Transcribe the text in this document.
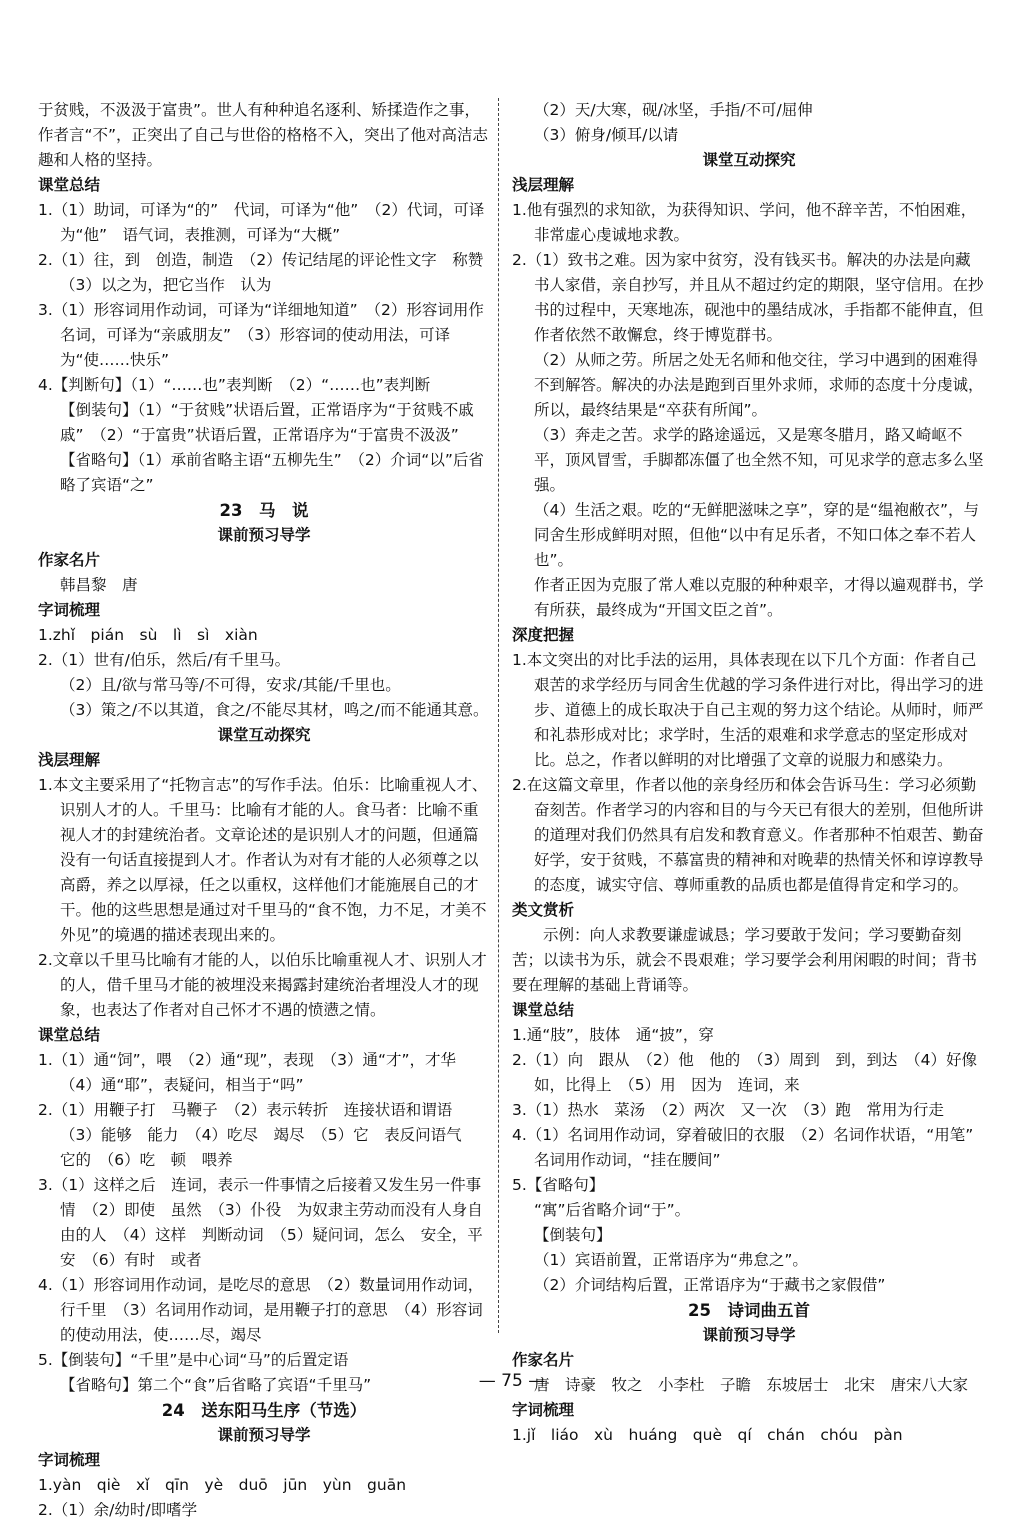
于贫贱，不汲汲于富贵”。世人有种种追名逐利、矫揉造作之事，作者言“不”，正突出了自己与世俗的格格不入，突出了他对高洁志趣和人格的坚持。
课堂总结
1.（1）助词，可译为“的”　代词，可译为“他”　（2）代词，可译为“他”　语气词，表推测，可译为“大概”
2.（1）往，到　创造，制造　（2）传记结尾的评论性文字　称赞　（3）以之为，把它当作　认为
3.（1）形容词用作动词，可译为“详细地知道”　（2）形容词用作名词，可译为“亲戚朋友”　（3）形容词的使动用法，可译为“使……快乐”
4.【判断句】（1）“……也”表判断　（2）“……也”表判断
【倒装句】（1）“于贫贱”状语后置，正常语序为“于贫贱不戚戚”　（2）“于富贵”状语后置，正常语序为“于富贵不汲汲”
【省略句】（1）承前省略主语“五柳先生”　（2）介词“以”后省略了宾语“之”
23　马　说
课前预习导学
作家名片
韩昌黎　唐
字词梳理
1.zhǐ　pián　sù　lì　sì　xiàn
2.（1）世有/伯乐，然后/有千里马。
（2）且/欲与常马等/不可得，安求/其能/千里也。
（3）策之/不以其道，食之/不能尽其材，鸣之/而不能通其意。
课堂互动探究
浅层理解
1.本文主要采用了“托物言志”的写作手法。伯乐：比喻重视人才、识别人才的人。千里马：比喻有才能的人。食马者：比喻不重视人才的封建统治者。文章论述的是识别人才的问题，但通篇没有一句话直接提到人才。作者认为对有才能的人必须尊之以高爵，养之以厚禄，任之以重权，这样他们才能施展自己的才干。他的这些思想是通过对千里马的“食不饱，力不足，才美不外见”的境遇的描述表现出来的。
2.文章以千里马比喻有才能的人，以伯乐比喻重视人才、识别人才的人，借千里马才能的被埋没来揭露封建统治者埋没人才的现象，也表达了作者对自己怀才不遇的愤懑之情。
课堂总结
1.（1）通“饲”，喂　（2）通“现”，表现　（3）通“才”，才华　（4）通“耶”，表疑问，相当于“吗”
2.（1）用鞭子打　马鞭子　（2）表示转折　连接状语和谓语　（3）能够　能力　（4）吃尽　竭尽　（5）它　表反问语气　它的　（6）吃　顿　喂养
3.（1）这样之后　连词，表示一件事情之后接着又发生另一件事情　（2）即使　虽然　（3）仆役　为奴隶主劳动而没有人身自由的人　（4）这样　判断动词　（5）疑问词，怎么　安全，平安　（6）有时　或者
4.（1）形容词用作动词，是吃尽的意思　（2）数量词用作动词，行千里　（3）名词用作动词，是用鞭子打的意思　（4）形容词的使动用法，使……尽，竭尽
5.【倒装句】“千里”是中心词“马”的后置定语
【省略句】第二个“食”后省略了宾语“千里马”
24　送东阳马生序（节选）
课前预习导学
字词梳理
1.yàn　qiè　xǐ　qīn　yè　duō　jūn　yùn　guān
2.（1）余/幼时/即嗜学
（2）天/大寒，砚/冰坚，手指/不可/屈伸
（3）俯身/倾耳/以请
课堂互动探究
浅层理解
1.他有强烈的求知欲，为获得知识、学问，他不辞辛苦，不怕困难，非常虚心虔诚地求教。
2.（1）致书之难。因为家中贫穷，没有钱买书。解决的办法是向藏书人家借，亲自抄写，并且从不超过约定的期限，坚守信用。在抄书的过程中，天寒地冻，砚池中的墨结成冰，手指都不能伸直，但作者依然不敢懈怠，终于博览群书。
（2）从师之劳。所居之处无名师和他交往，学习中遇到的困难得不到解答。解决的办法是跑到百里外求师，求师的态度十分虔诚，所以，最终结果是“卒获有所闻”。
（3）奔走之苦。求学的路途遥远，又是寒冬腊月，路又崎岖不平，顶风冒雪，手脚都冻僵了也全然不知，可见求学的意志多么坚强。
（4）生活之艰。吃的“无鲜肥滋味之享”，穿的是“缊袍敝衣”，与同舍生形成鲜明对照，但他“以中有足乐者，不知口体之奉不若人也”。
作者正因为克服了常人难以克服的种种艰辛，才得以遍观群书，学有所获，最终成为“开国文臣之首”。
深度把握
1.本文突出的对比手法的运用，具体表现在以下几个方面：作者自己艰苦的求学经历与同舍生优越的学习条件进行对比，得出学习的进步、道德上的成长取决于自己主观的努力这个结论。从师时，师严和礼恭形成对比；求学时，生活的艰难和求学意志的坚定形成对比。总之，作者以鲜明的对比增强了文章的说服力和感染力。
2.在这篇文章里，作者以他的亲身经历和体会告诉马生：学习必须勤奋刻苦。作者学习的内容和目的与今天已有很大的差别，但他所讲的道理对我们仍然具有启发和教育意义。作者那种不怕艰苦、勤奋好学，安于贫贱，不慕富贵的精神和对晚辈的热情关怀和谆谆教导的态度，诚实守信、尊师重教的品质也都是值得肯定和学习的。
类文赏析
示例：向人求教要谦虚诚恳；学习要敢于发问；学习要勤奋刻苦；以读书为乐，就会不畏艰难；学习要学会利用闲暇的时间；背书要在理解的基础上背诵等。
课堂总结
1.通“肢”，肢体　通“披”，穿
2.（1）向　跟从　（2）他　他的　（3）周到　到，到达　（4）好像　如，比得上　（5）用　因为　连词，来
3.（1）热水　菜汤　（2）两次　又一次　（3）跑　常用为行走
4.（1）名词用作动词，穿着破旧的衣服　（2）名词作状语，“用笔”　名词用作动词，“挂在腰间”
5.【省略句】
“寓”后省略介词“于”。
【倒装句】
（1）宾语前置，正常语序为“弗怠之”。
（2）介词结构后置，正常语序为“于藏书之家假借”
25　诗词曲五首
课前预习导学
作家名片
唐　诗豪　牧之　小李杜　子瞻　东坡居士　北宋　唐宋八大家
字词梳理
1.jǐ　liáo　xù　huáng　què　qí　chán　chóu　pàn
— 75 —
